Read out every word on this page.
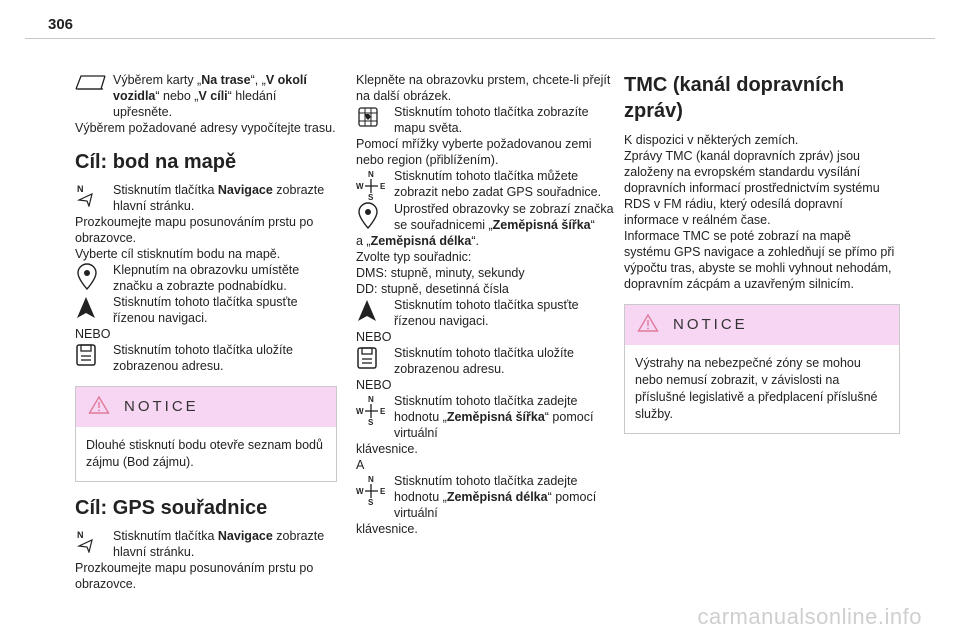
306

Výběrem karty „Na trase“, „V okolí vozidla“ nebo „V cíli“ hledání upřesněte.

Výběrem požadované adresy vypočítejte trasu.

Cíl: bod na mapě
N Stisknutím tlačítka Navigace zobrazte hlavní stránku.

Prozkoumejte mapu posunováním prstu po obrazovce.

Vyberte cíl stisknutím bodu na mapě.

Klepnutím na obrazovku umístěte značku a zobrazte podnabídku.

Stisknutím tohoto tlačítka spusťte řízenou navigaci.

NEBO

Stisknutím tohoto tlačítka uložíte zobrazenou adresu.

NOTICE
Dlouhé stisknutí bodu otevře seznam bodů zájmu (Bod zájmu).
Cíl: GPS souřadnice
N Stisknutím tlačítka Navigace zobrazte hlavní stránku.

Prozkoumejte mapu posunováním prstu po obrazovce.

Klepněte na obrazovku prstem, chcete-li přejít na další obrázek.

Stisknutím tohoto tlačítka zobrazíte mapu světa.

Pomocí mřížky vyberte požadovanou zemi nebo region (přiblížením).

N
W E
S

Stisknutím tohoto tlačítka můžete zobrazit nebo zadat GPS souřadnice.

Uprostřed obrazovky se zobrazí značka se souřadnicemi „Zeměpisná šířka“

a „Zeměpisná délka“.

Zvolte typ souřadnic:

DMS: stupně, minuty, sekundy

DD: stupně, desetinná čísla

Stisknutím tohoto tlačítka spusťte řízenou navigaci.

NEBO

Stisknutím tohoto tlačítka uložíte zobrazenou adresu.

NEBO

N
W E
S

Stisknutím tohoto tlačítka zadejte hodnotu „Zeměpisná šířka“ pomocí virtuální

klávesnice.

A

N
W E
S

Stisknutím tohoto tlačítka zadejte hodnotu „Zeměpisná délka“ pomocí virtuální

klávesnice.

TMC (kanál dopravních zpráv)

K dispozici v některých zemích.

Zprávy TMC (kanál dopravních zpráv) jsou založeny na evropském standardu vysílání dopravních informací prostřednictvím systému RDS v FM rádiu, který odesílá dopravní informace v reálném čase.

Informace TMC se poté zobrazí na mapě systému GPS navigace a zohledňují se přímo při výpočtu tras, abyste se mohli vyhnout nehodám, dopravním zácpám a uzavřeným silnicím.

NOTICE
Výstrahy na nebezpečné zóny se mohou nebo nemusí zobrazit, v závislosti na příslušné legislativě a předplacení příslušné služby.
carmanualsonline.info
